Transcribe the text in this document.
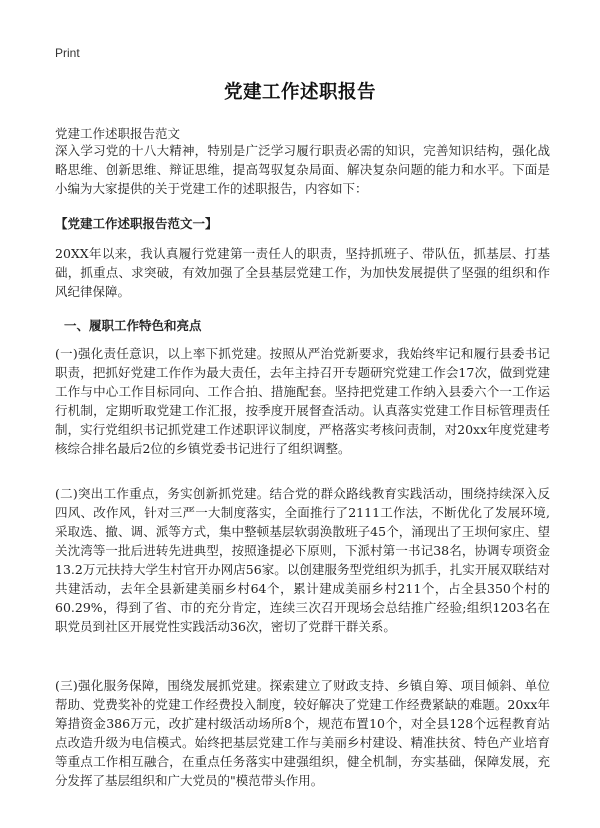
Print
党建工作述职报告
党建工作述职报告范文

深入学习党的十八大精神，特别是广泛学习履行职责必需的知识，完善知识结构，强化战略思维、创新思维、辩证思维，提高驾驭复杂局面、解决复杂问题的能力和水平。下面是小编为大家提供的关于党建工作的述职报告，内容如下：

【党建工作述职报告范文一】

20XX年以来，我认真履行党建第一责任人的职责，坚持抓班子、带队伍，抓基层、打基础，抓重点、求突破，有效加强了全县基层党建工作，为加快发展提供了坚强的组织和作风纪律保障。

一、履职工作特色和亮点

(一)强化责任意识，以上率下抓党建。按照从严治党新要求，我始终牢记和履行县委书记职责，把抓好党建工作作为最大责任，去年主持召开专题研究党建工作会17次，做到党建工作与中心工作目标同向、工作合拍、措施配套。坚持把党建工作纳入县委六个一工作运行机制，定期听取党建工作汇报，按季度开展督查活动。认真落实党建工作目标管理责任制，实行党组织书记抓党建工作述职评议制度，严格落实考核问责制，对20xx年度党建考核综合排名最后2位的乡镇党委书记进行了组织调整。

(二)突出工作重点，务实创新抓党建。结合党的群众路线教育实践活动，围绕持续深入反四风、改作风，针对三严一大制度落实，全面推行了2111工作法，不断优化了发展环境,采取选、撤、调、派等方式，集中整顿基层软弱涣散班子45个，涌现出了王坝何家庄、望关沈湾等一批后进转先进典型，按照逢提必下原则，下派村第一书记38名，协调专项资金13.2万元扶持大学生村官开办网店56家。以创建服务型党组织为抓手，扎实开展双联结对共建活动，去年全县新建美丽乡村64个，累计建成美丽乡村211个，占全县350个村的60.29%，得到了省、市的充分肯定，连续三次召开现场会总结推广经验;组织1203名在职党员到社区开展党性实践活动36次，密切了党群干群关系。

(三)强化服务保障，围绕发展抓党建。探索建立了财政支持、乡镇自筹、项目倾斜、单位帮助、党费奖补的党建工作经费投入制度，较好解决了党建工作经费紧缺的难题。20xx年筹措资金386万元，改扩建村级活动场所8个，规范布置10个，对全县128个远程教育站点改造升级为电信模式。始终把基层党建工作与美丽乡村建设、精准扶贫、特色产业培育等重点工作相互融合，在重点任务落实中建强组织，健全机制，夯实基础，保障发展，充分发挥了基层组织和广大党员的"模范带头作用。
